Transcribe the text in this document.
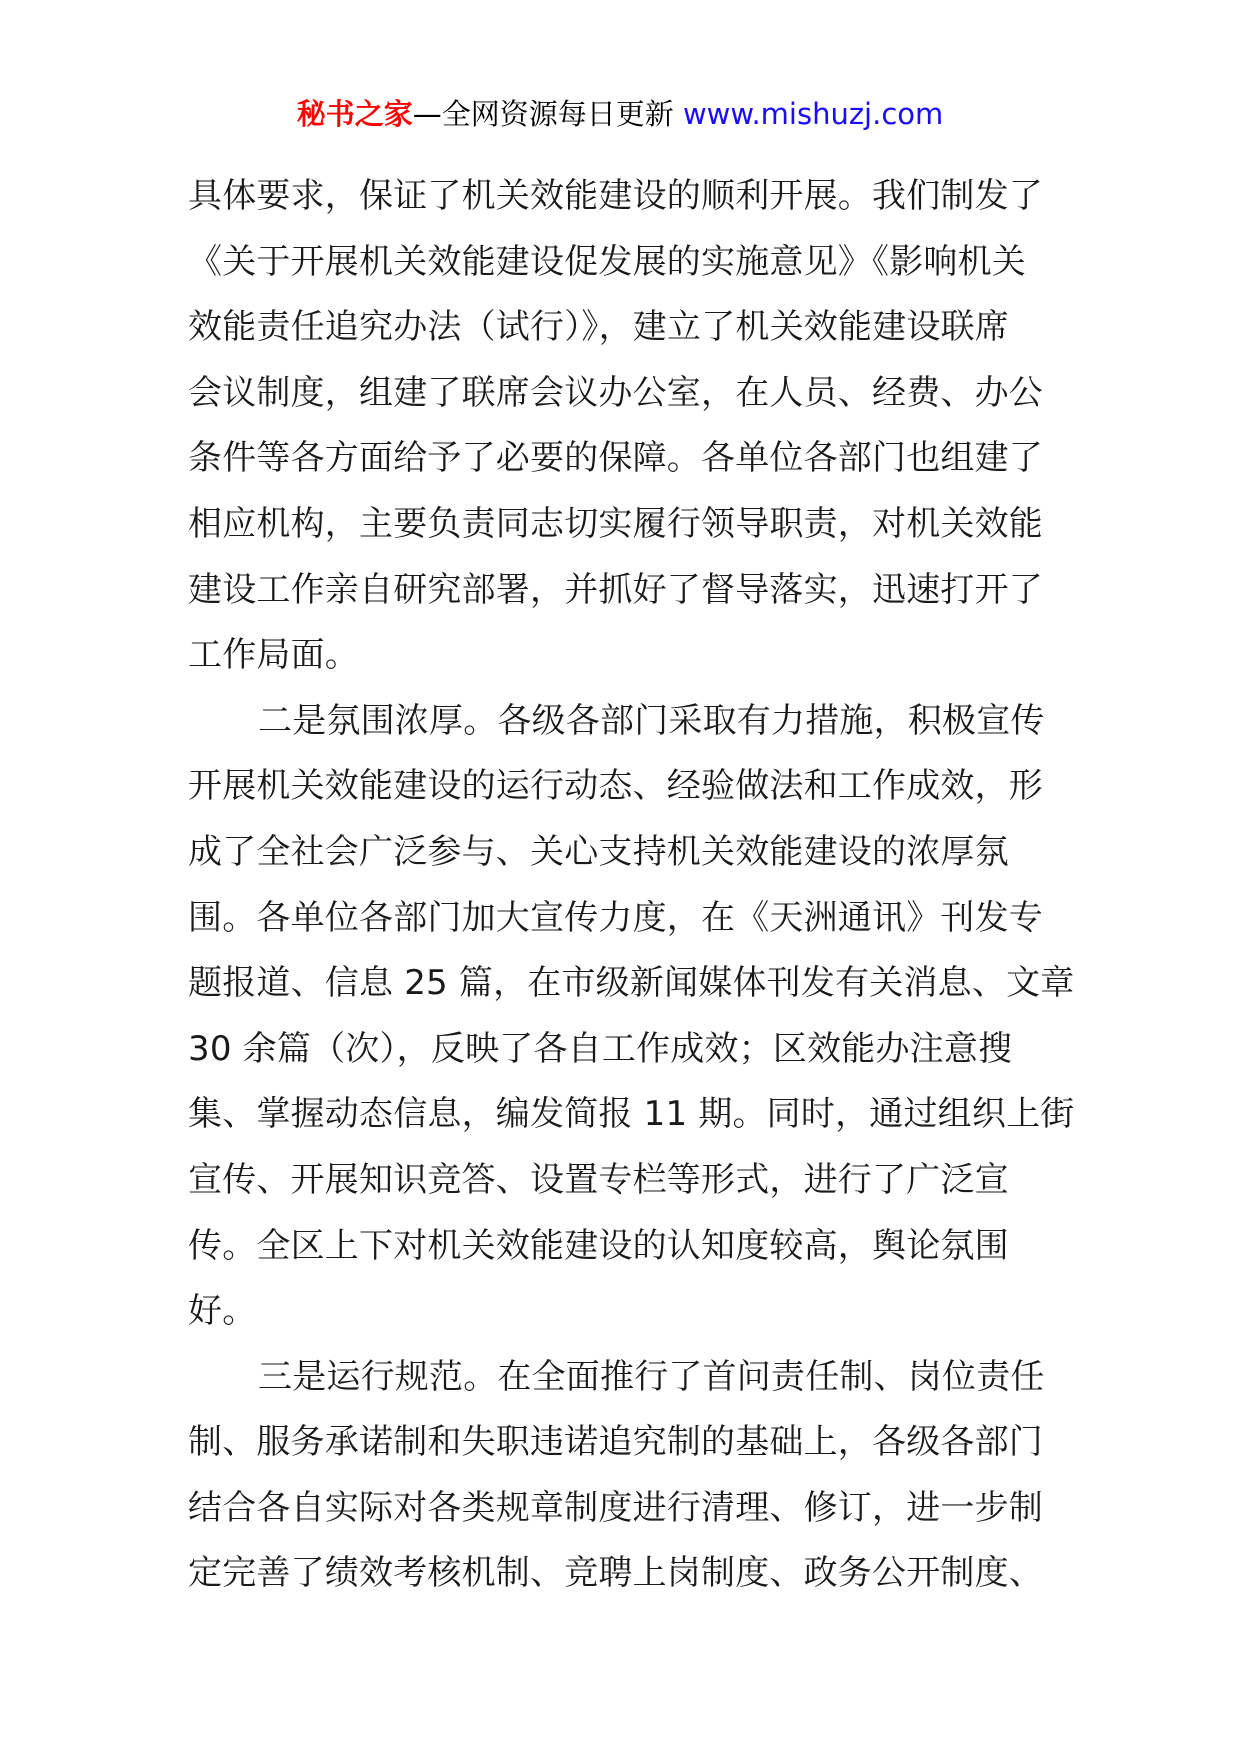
秘书之家—全网资源每日更新 www.mishuzj.com
具体要求，保证了机关效能建设的顺利开展。我们制发了
《关于开展机关效能建设促发展的实施意见》《影响机关
效能责任追究办法（试行）》，建立了机关效能建设联席
会议制度，组建了联席会议办公室，在人员、经费、办公
条件等各方面给予了必要的保障。各单位各部门也组建了
相应机构，主要负责同志切实履行领导职责，对机关效能
建设工作亲自研究部署，并抓好了督导落实，迅速打开了
工作局面。
二是氛围浓厚。各级各部门采取有力措施，积极宣传
开展机关效能建设的运行动态、经验做法和工作成效，形
成了全社会广泛参与、关心支持机关效能建设的浓厚氛
围。各单位各部门加大宣传力度，在《天洲通讯》刊发专
题报道、信息 25 篇，在市级新闻媒体刊发有关消息、文章
30 余篇（次），反映了各自工作成效；区效能办注意搜
集、掌握动态信息，编发简报 11 期。同时，通过组织上街
宣传、开展知识竞答、设置专栏等形式，进行了广泛宣
传。全区上下对机关效能建设的认知度较高，舆论氛围
好。
三是运行规范。在全面推行了首问责任制、岗位责任
制、服务承诺制和失职违诺追究制的基础上，各级各部门
结合各自实际对各类规章制度进行清理、修订，进一步制
定完善了绩效考核机制、竞聘上岗制度、政务公开制度、
